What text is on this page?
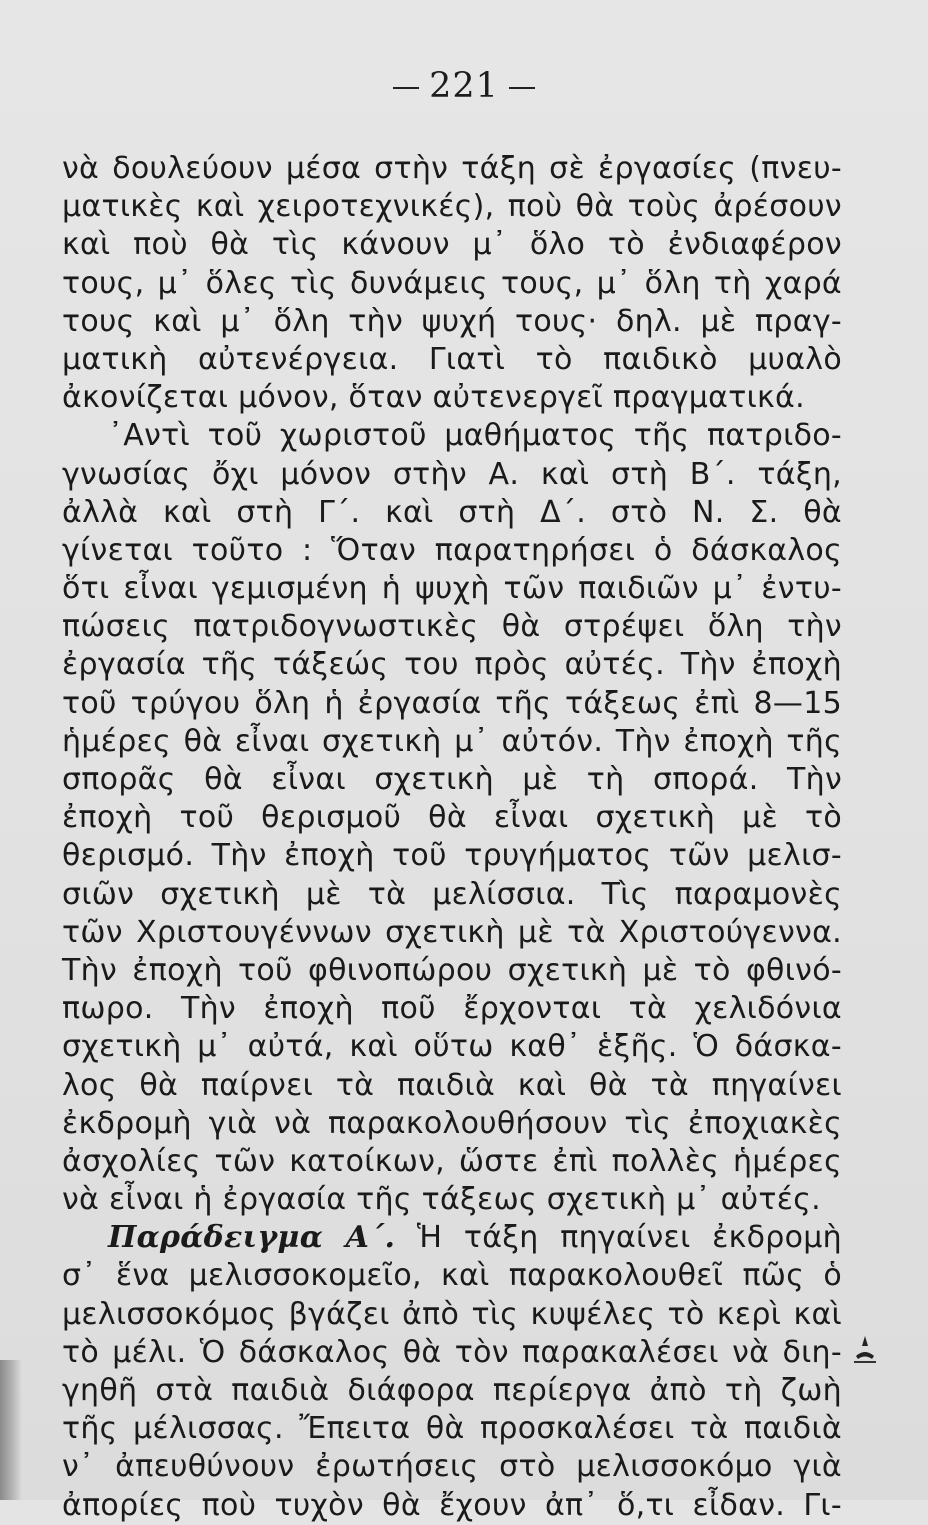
221
νὰ δουλεύουν μέσα στὴν τάξη σὲ ἐργασίες (πνευ-
ματικὲς καὶ χειροτεχνικές), ποὺ θὰ τοὺς ἀρέσουν
καὶ ποὺ θὰ τὶς κάνουν μ᾽ ὅλο τὸ ἐνδιαφέρον
τους, μ᾽ ὅλες τὶς δυνάμεις τους, μ᾽ ὅλη τὴ χαρά
τους καὶ μ᾽ ὅλη τὴν ψυχή τους· δηλ. μὲ πραγ-
ματικὴ αὐτενέργεια. Γιατὶ τὸ παιδικὸ μυαλὸ
ἀκονίζεται μόνον, ὅταν αὐτενεργεῖ πραγματικά.
᾽Αντὶ τοῦ χωριστοῦ μαθήματος τῆς πατριδο-
γνωσίας ὄχι μόνον στὴν Α. καὶ στὴ Β΄. τάξη,
ἀλλὰ καὶ στὴ Γ΄. καὶ στὴ Δ΄. στὸ Ν. Σ. θὰ
γίνεται τοῦτο : Ὅταν παρατηρήσει ὁ δάσκαλος
ὅτι εἶναι γεμισμένη ἡ ψυχὴ τῶν παιδιῶν μ᾽ ἐντυ-
πώσεις πατριδογνωστικὲς θὰ στρέψει ὅλη τὴν
ἐργασία τῆς τάξεώς του πρὸς αὐτές. Τὴν ἐποχὴ
τοῦ τρύγου ὅλη ἡ ἐργασία τῆς τάξεως ἐπὶ 8—15
ἡμέρες θὰ εἶναι σχετικὴ μ᾽ αὐτόν. Τὴν ἐποχὴ τῆς
σπορᾶς θὰ εἶναι σχετικὴ μὲ τὴ σπορά. Τὴν
ἐποχὴ τοῦ θερισμοῦ θὰ εἶναι σχετικὴ μὲ τὸ
θερισμό. Τὴν ἐποχὴ τοῦ τρυγήματος τῶν μελισ-
σιῶν σχετικὴ μὲ τὰ μελίσσια. Τὶς παραμονὲς
τῶν Χριστουγέννων σχετικὴ μὲ τὰ Χριστούγεννα.
Τὴν ἐποχὴ τοῦ φθινοπώρου σχετικὴ μὲ τὸ φθινό-
πωρο. Τὴν ἐποχὴ ποῦ ἔρχονται τὰ χελιδόνια
σχετικὴ μ᾽ αὐτά, καὶ οὕτω καθ᾽ ἑξῆς. Ὁ δάσκα-
λος θὰ παίρνει τὰ παιδιὰ καὶ θὰ τὰ πηγαίνει
ἐκδρομὴ γιὰ νὰ παρακολουθήσουν τὶς ἐποχιακὲς
ἀσχολίες τῶν κατοίκων, ὥστε ἐπὶ πολλὲς ἡμέρες
νὰ εἶναι ἡ ἐργασία τῆς τάξεως σχετικὴ μ᾽ αὐτές.
Παράδειγμα Α΄. Ἡ τάξη πηγαίνει ἐκδρομὴ
σ᾽ ἕνα μελισσοκομεῖο, καὶ παρακολουθεῖ πῶς ὁ
μελισσοκόμος βγάζει ἀπὸ τὶς κυψέλες τὸ κερὶ καὶ
τὸ μέλι. Ὁ δάσκαλος θὰ τὸν παρακαλέσει νὰ διη-
γηθῆ στὰ παιδιὰ διάφορα περίεργα ἀπὸ τὴ ζωὴ
τῆς μέλισσας. Ἔπειτα θὰ προσκαλέσει τὰ παιδιὰ
ν᾽ ἀπευθύνουν ἐρωτήσεις στὸ μελισσοκόμο γιὰ
ἀπορίες ποὺ τυχὸν θὰ ἔχουν ἀπ᾽ ὅ,τι εἶδαν. Γι-
